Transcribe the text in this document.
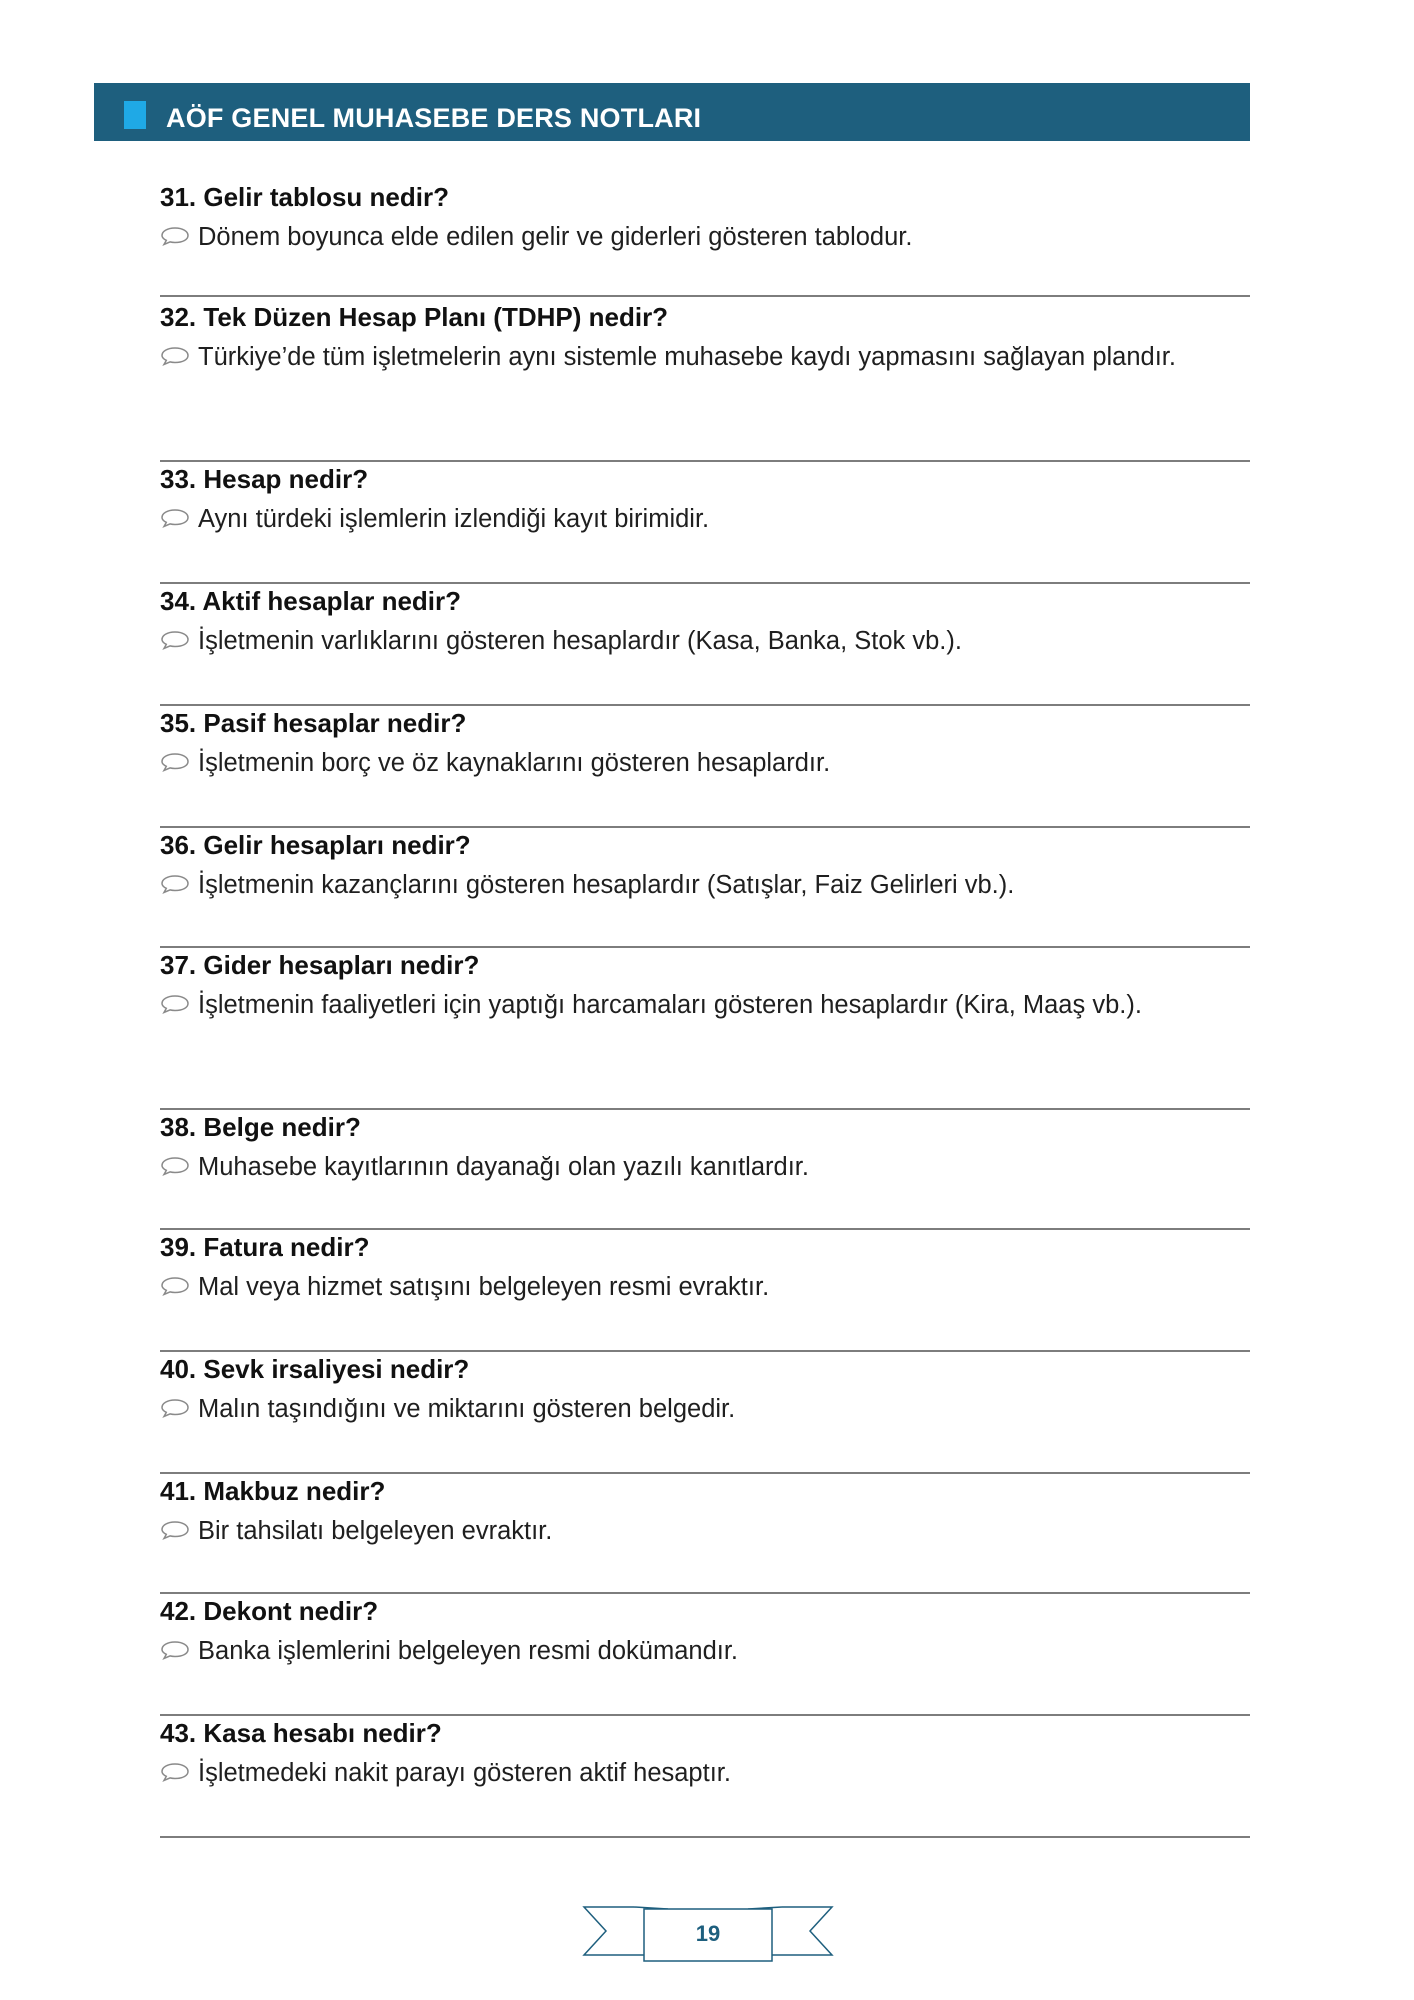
AÖF GENEL MUHASEBE DERS NOTLARI
31. Gelir tablosu nedir?
Dönem boyunca elde edilen gelir ve giderleri gösteren tablodur.
32. Tek Düzen Hesap Planı (TDHP) nedir?
Türkiye’de tüm işletmelerin aynı sistemle muhasebe kaydı yapmasını sağlayan plandır.
33. Hesap nedir?
Aynı türdeki işlemlerin izlendiği kayıt birimidir.
34. Aktif hesaplar nedir?
İşletmenin varlıklarını gösteren hesaplardır (Kasa, Banka, Stok vb.).
35. Pasif hesaplar nedir?
İşletmenin borç ve öz kaynaklarını gösteren hesaplardır.
36. Gelir hesapları nedir?
İşletmenin kazançlarını gösteren hesaplardır (Satışlar, Faiz Gelirleri vb.).
37. Gider hesapları nedir?
İşletmenin faaliyetleri için yaptığı harcamaları gösteren hesaplardır (Kira, Maaş vb.).
38. Belge nedir?
Muhasebe kayıtlarının dayanağı olan yazılı kanıtlardır.
39. Fatura nedir?
Mal veya hizmet satışını belgeleyen resmi evraktır.
40. Sevk irsaliyesi nedir?
Malın taşındığını ve miktarını gösteren belgedir.
41. Makbuz nedir?
Bir tahsilatı belgeleyen evraktır.
42. Dekont nedir?
Banka işlemlerini belgeleyen resmi dokümandır.
43. Kasa hesabı nedir?
İşletmedeki nakit parayı gösteren aktif hesaptır.
19
